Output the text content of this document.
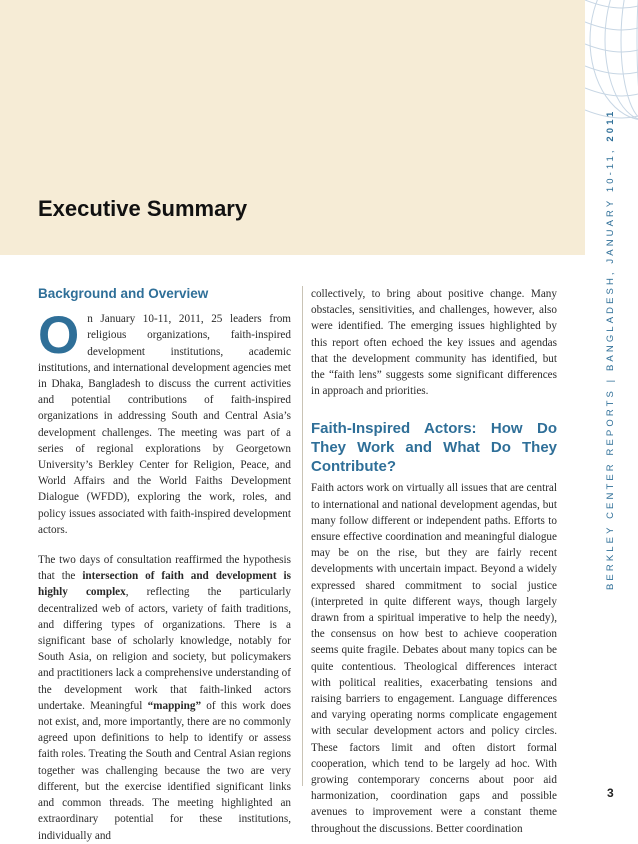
BERKLEY CENTER REPORTS | BANGLADESH, JANUARY 10-11, 2011
Executive Summary
Background and Overview

On January 10-11, 2011, 25 leaders from religious organizations, faith-inspired development institutions, academic institutions, and international development agencies met in Dhaka, Bangladesh to discuss the current activities and potential contributions of faith-inspired organizations in addressing South and Central Asia’s development challenges. The meeting was part of a series of regional explorations by Georgetown University’s Berkley Center for Religion, Peace, and World Affairs and the World Faiths Development Dialogue (WFDD), exploring the work, roles, and policy issues associated with faith-inspired development actors.

The two days of consultation reaffirmed the hypothesis that the intersection of faith and development is highly complex, reflecting the particularly decentralized web of actors, variety of faith traditions, and differing types of organizations. There is a significant base of scholarly knowledge, notably for South Asia, on religion and society, but policymakers and practitioners lack a comprehensive understanding of the development work that faith-linked actors undertake. Meaningful “mapping” of this work does not exist, and, more importantly, there are no commonly agreed upon definitions to help to identify or assess faith roles. Treating the South and Central Asian regions together was challenging because the two are very different, but the exercise identified significant links and common threads. The meeting highlighted an extraordinary potential for these institutions, individually and

collectively, to bring about positive change. Many obstacles, sensitivities, and challenges, however, also were identified. The emerging issues highlighted by this report often echoed the key issues and agendas that the development community has identified, but the “faith lens” suggests some significant differences in approach and priorities.

Faith-Inspired Actors: How Do They Work and What Do They Contribute?

Faith actors work on virtually all issues that are central to international and national development agendas, but many follow different or independent paths. Efforts to ensure effective coordination and meaningful dialogue may be on the rise, but they are fairly recent developments with uncertain impact. Beyond a widely expressed shared commitment to social justice (interpreted in quite different ways, though largely drawn from a spiritual imperative to help the needy), the consensus on how best to achieve cooperation seems quite fragile. Debates about many topics can be quite contentious. Theological differences interact with political realities, exacerbating tensions and raising barriers to engagement. Language differences and varying operating norms complicate engagement with secular development actors and policy circles. These factors limit and often distort formal cooperation, which tend to be largely ad hoc. With growing contemporary concerns about poor aid harmonization, coordination gaps and possible avenues to improvement were a constant theme throughout the discussions. Better coordination

3
